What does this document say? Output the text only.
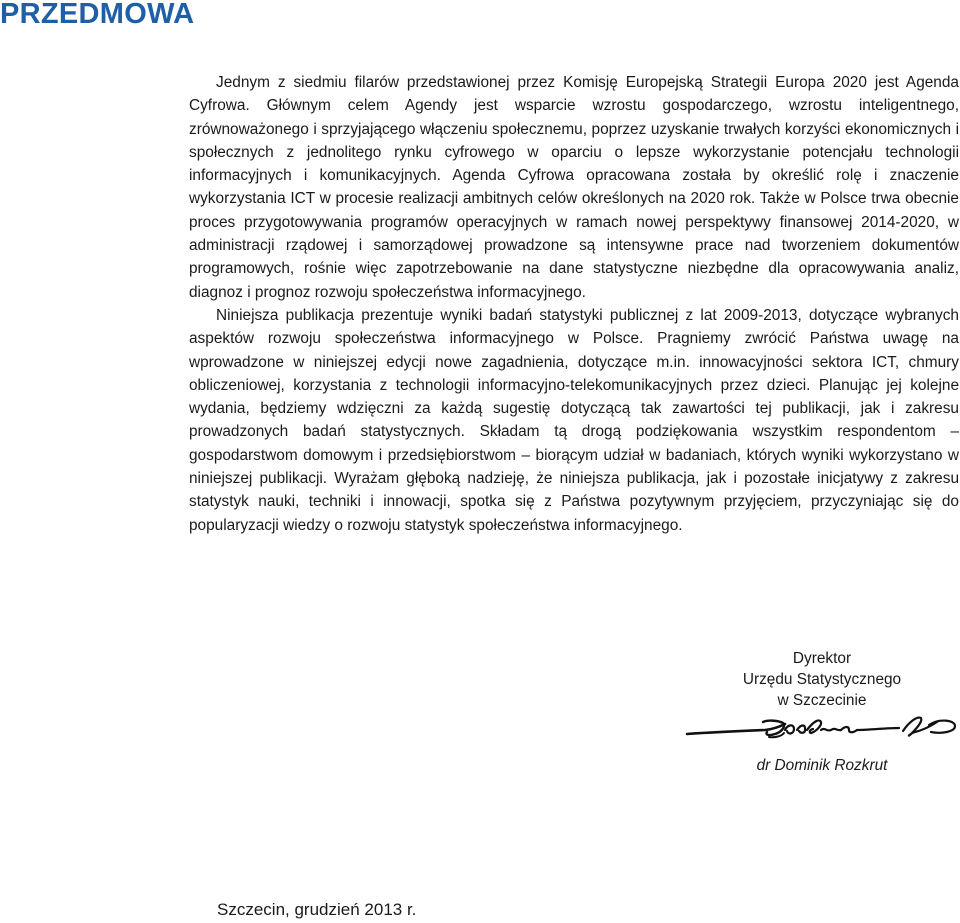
PRZEDMOWA

Jednym z siedmiu filarów przedstawionej przez Komisję Europejską Strategii Europa 2020 jest Agenda Cyfrowa. Głównym celem Agendy jest wsparcie wzrostu gospodarczego, wzrostu inteligentnego, zrównoważonego i sprzyjającego włączeniu społecznemu, poprzez uzyskanie trwałych korzyści ekonomicznych i społecznych z jednolitego rynku cyfrowego w oparciu o lepsze wykorzystanie potencjału technologii informacyjnych i komunikacyjnych. Agenda Cyfrowa opracowana została by określić rolę i znaczenie wykorzystania ICT w procesie realizacji ambitnych celów określonych na 2020 rok. Także w Polsce trwa obecnie proces przygotowywania programów operacyjnych w ramach nowej perspektywy finansowej 2014-2020, w administracji rządowej i samorządowej prowadzone są intensywne prace nad tworzeniem dokumentów programowych, rośnie więc zapotrzebowanie na dane statystyczne niezbędne dla opracowywania analiz, diagnoz i prognoz rozwoju społeczeństwa informacyjnego.

Niniejsza publikacja prezentuje wyniki badań statystyki publicznej z lat 2009-2013, dotyczące wybranych aspektów rozwoju społeczeństwa informacyjnego w Polsce. Pragniemy zwrócić Państwa uwagę na wprowadzone w niniejszej edycji nowe zagadnienia, dotyczące m.in. innowacyjności sektora ICT, chmury obliczeniowej, korzystania z technologii informacyjno-telekomunikacyjnych przez dzieci. Planując jej kolejne wydania, będziemy wdzięczni za każdą sugestię dotyczącą tak zawartości tej publikacji, jak i zakresu prowadzonych badań statystycznych. Składam tą drogą podziękowania wszystkim respondentom – gospodarstwom domowym i przedsiębiorstwom – biorącym udział w badaniach, których wyniki wykorzystano w niniejszej publikacji. Wyrażam głęboką nadzieję, że niniejsza publikacja, jak i pozostałe inicjatywy z zakresu statystyk nauki, techniki i innowacji, spotka się z Państwa pozytywnym przyjęciem, przyczyniając się do popularyzacji wiedzy o rozwoju statystyk społeczeństwa informacyjnego.

Dyrektor
Urzędu Statystycznego
w Szczecinie
dr Dominik Rozkrut
Szczecin, grudzień 2013 r.
